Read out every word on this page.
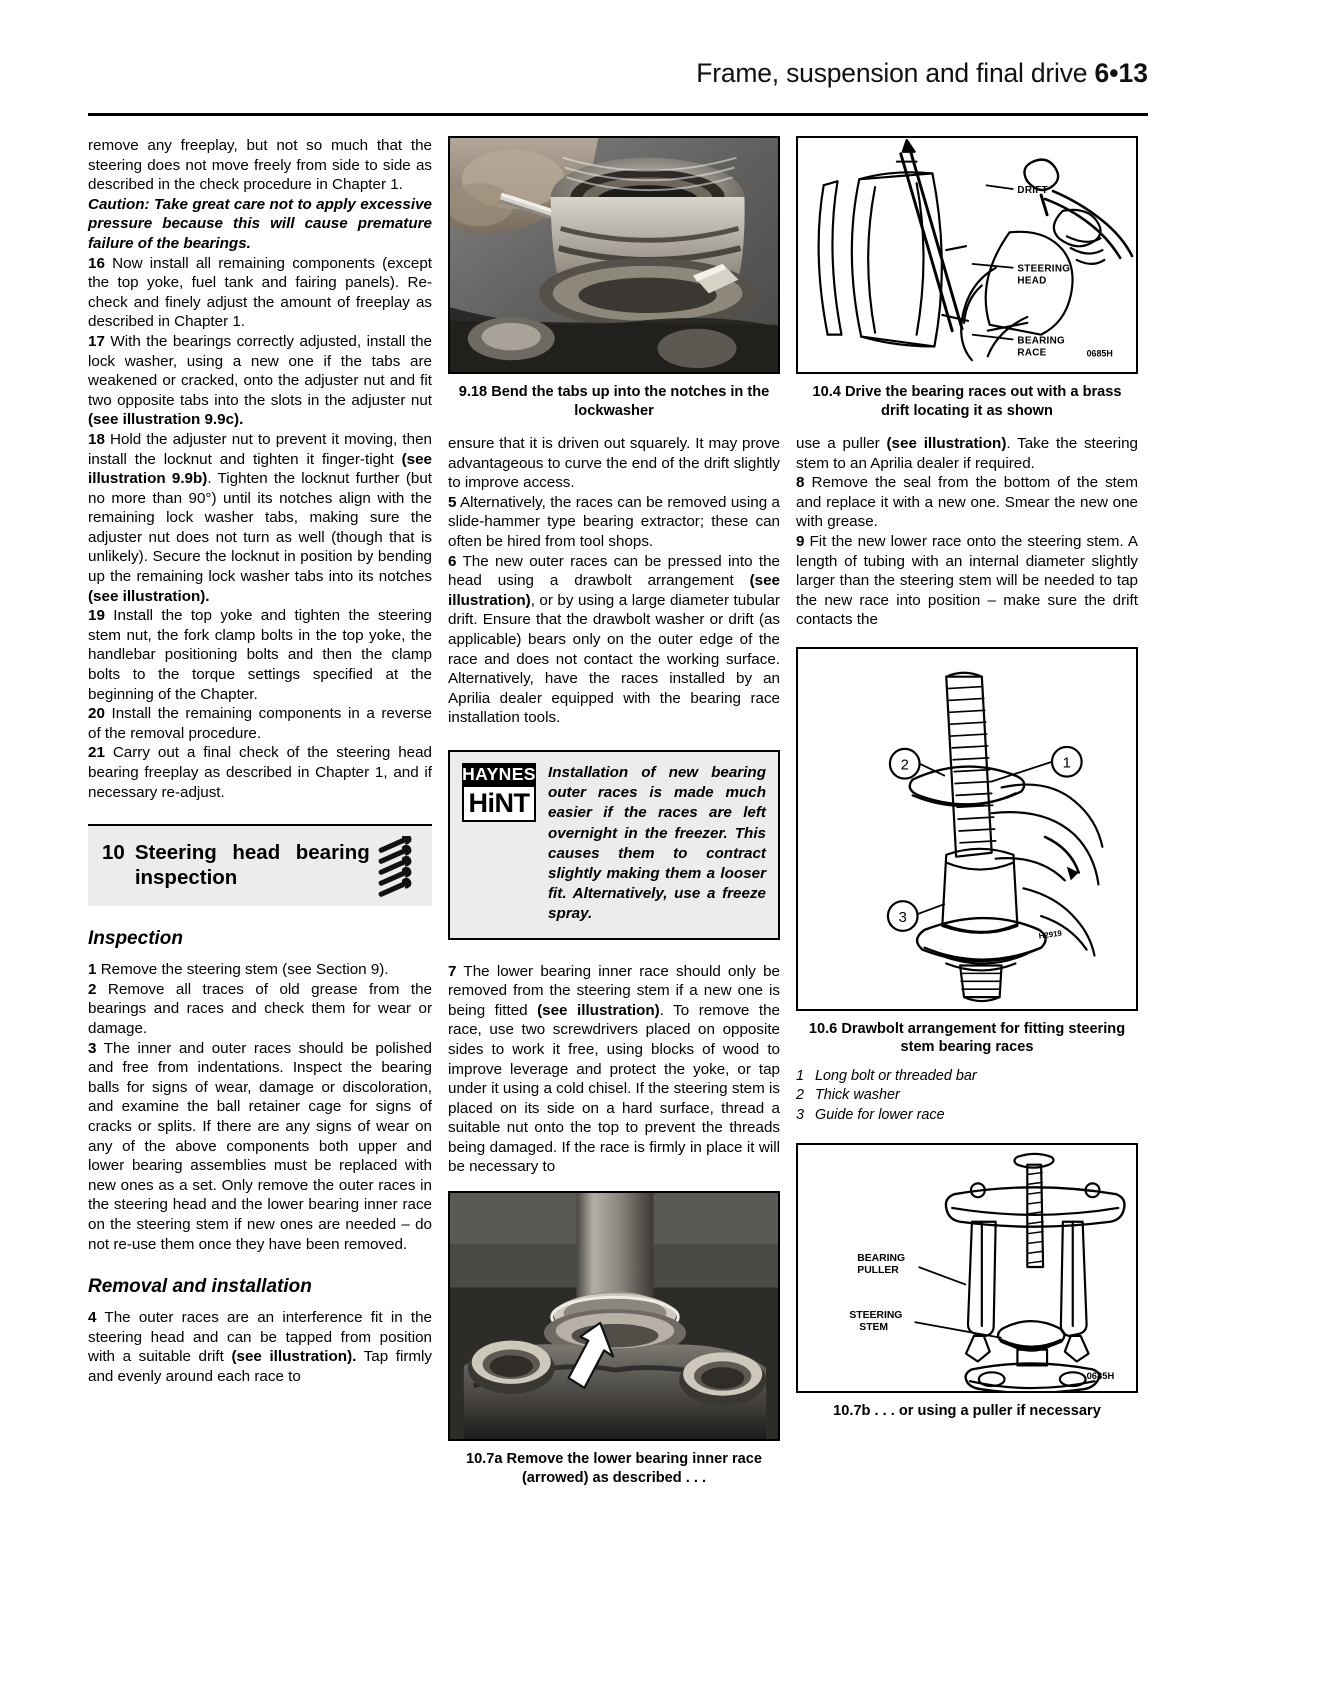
Frame, suspension and final drive 6•13

remove any freeplay, but not so much that the steering does not move freely from side to side as described in the check procedure in Chapter 1.

Caution: Take great care not to apply excessive pressure because this will cause premature failure of the bearings.

16 Now install all remaining components (except the top yoke, fuel tank and fairing panels). Re-check and finely adjust the amount of freeplay as described in Chapter 1.

17 With the bearings correctly adjusted, install the lock washer, using a new one if the tabs are weakened or cracked, onto the adjuster nut and fit two opposite tabs into the slots in the adjuster nut (see illustration 9.9c).

18 Hold the adjuster nut to prevent it moving, then install the locknut and tighten it finger-tight (see illustration 9.9b). Tighten the locknut further (but no more than 90°) until its notches align with the remaining lock washer tabs, making sure the adjuster nut does not turn as well (though that is unlikely). Secure the locknut in position by bending up the remaining lock washer tabs into its notches (see illustration).

19 Install the top yoke and tighten the steering stem nut, the fork clamp bolts in the top yoke, the handlebar positioning bolts and then the clamp bolts to the torque settings specified at the beginning of the Chapter.

20 Install the remaining components in a reverse of the removal procedure.

21 Carry out a final check of the steering head bearing freeplay as described in Chapter 1, and if necessary re-adjust.

10 Steering head bearing inspection
Inspection

1 Remove the steering stem (see Section 9).

2 Remove all traces of old grease from the bearings and races and check them for wear or damage.

3 The inner and outer races should be polished and free from indentations. Inspect the bearing balls for signs of wear, damage or discoloration, and examine the ball retainer cage for signs of cracks or splits. If there are any signs of wear on any of the above components both upper and lower bearing assemblies must be replaced with new ones as a set. Only remove the outer races in the steering head and the lower bearing inner race on the steering stem if new ones are needed – do not re-use them once they have been removed.

Removal and installation

4 The outer races are an interference fit in the steering head and can be tapped from position with a suitable drift (see illustration). Tap firmly and evenly around each race to

9.18 Bend the tabs up into the notches in the lockwasher

ensure that it is driven out squarely. It may prove advantageous to curve the end of the drift slightly to improve access.

5 Alternatively, the races can be removed using a slide-hammer type bearing extractor; these can often be hired from tool shops.

6 The new outer races can be pressed into the head using a drawbolt arrangement (see illustration), or by using a large diameter tubular drift. Ensure that the drawbolt washer or drift (as applicable) bears only on the outer edge of the race and does not contact the working surface. Alternatively, have the races installed by an Aprilia dealer equipped with the bearing race installation tools.

HAYNES
HiNT
Installation of new bearing outer races is made much easier if the races are left overnight in the freezer. This causes them to contract slightly making them a looser fit. Alternatively, use a freeze spray.

7 The lower bearing inner race should only be removed from the steering stem if a new one is being fitted (see illustration). To remove the race, use two screwdrivers placed on opposite sides to work it free, using blocks of wood to improve leverage and protect the yoke, or tap under it using a cold chisel. If the steering stem is placed on its side on a hard surface, thread a suitable nut onto the top to prevent the threads being damaged. If the race is firmly in place it will be necessary to

10.7a Remove the lower bearing inner race (arrowed) as described . . .
DRIFT
STEERING
HEAD
BEARING
RACE	0685H
10.4 Drive the bearing races out with a brass drift locating it as shown

use a puller (see illustration). Take the steering stem to an Aprilia dealer if required.

8 Remove the seal from the bottom of the stem and replace it with a new one. Smear the new one with grease.

9 Fit the new lower race onto the steering stem. A length of tubing with an internal diameter slightly larger than the steering stem will be needed to tap the new race into position – make sure the drift contacts the

2	1
3
H2919
10.6 Drawbolt arrangement for fitting steering stem bearing races
1 Long bolt or threaded bar
2 Thick washer
3 Guide for lower race
BEARING
PULLER
STEERING
STEM
0685H
10.7b . . . or using a puller if necessary
